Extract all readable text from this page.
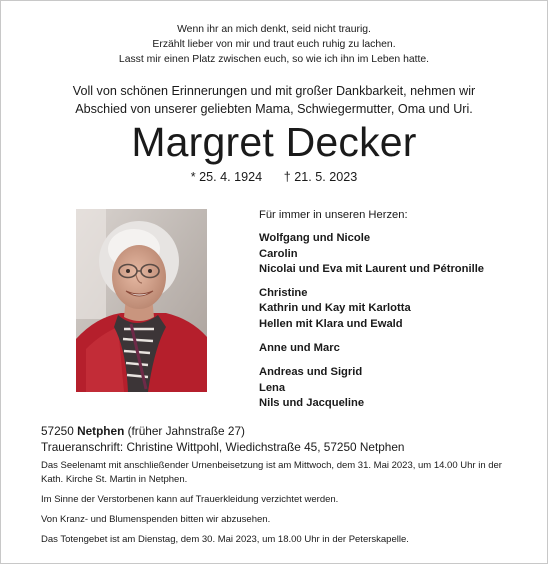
Wenn ihr an mich denkt, seid nicht traurig.
Erzählt lieber von mir und traut euch ruhig zu lachen.
Lasst mir einen Platz zwischen euch, so wie ich ihn im Leben hatte.
Voll von schönen Erinnerungen und mit großer Dankbarkeit, nehmen wir
Abschied von unserer geliebten Mama, Schwiegermutter, Oma und Uri.
Margret Decker
* 25. 4. 1924 † 21. 5. 2023
Für immer in unseren Herzen:
Wolfgang und Nicole
Carolin
Nicolai und Eva mit Laurent und Pétronille
Christine
Kathrin und Kay mit Karlotta
Hellen mit Klara und Ewald
Anne und Marc
Andreas und Sigrid
Lena
Nils und Jacqueline
57250 Netphen (früher Jahnstraße 27)
Traueranschrift: Christine Wittpohl, Wiedichstraße 45, 57250 Netphen
Das Seelenamt mit anschließender Urnenbeisetzung ist am Mittwoch, dem 31. Mai 2023, um 14.00 Uhr in der Kath. Kirche St. Martin in Netphen.
Im Sinne der Verstorbenen kann auf Trauerkleidung verzichtet werden.
Von Kranz- und Blumenspenden bitten wir abzusehen.
Das Totengebet ist am Dienstag, dem 30. Mai 2023, um 18.00 Uhr in der Peterskapelle.
